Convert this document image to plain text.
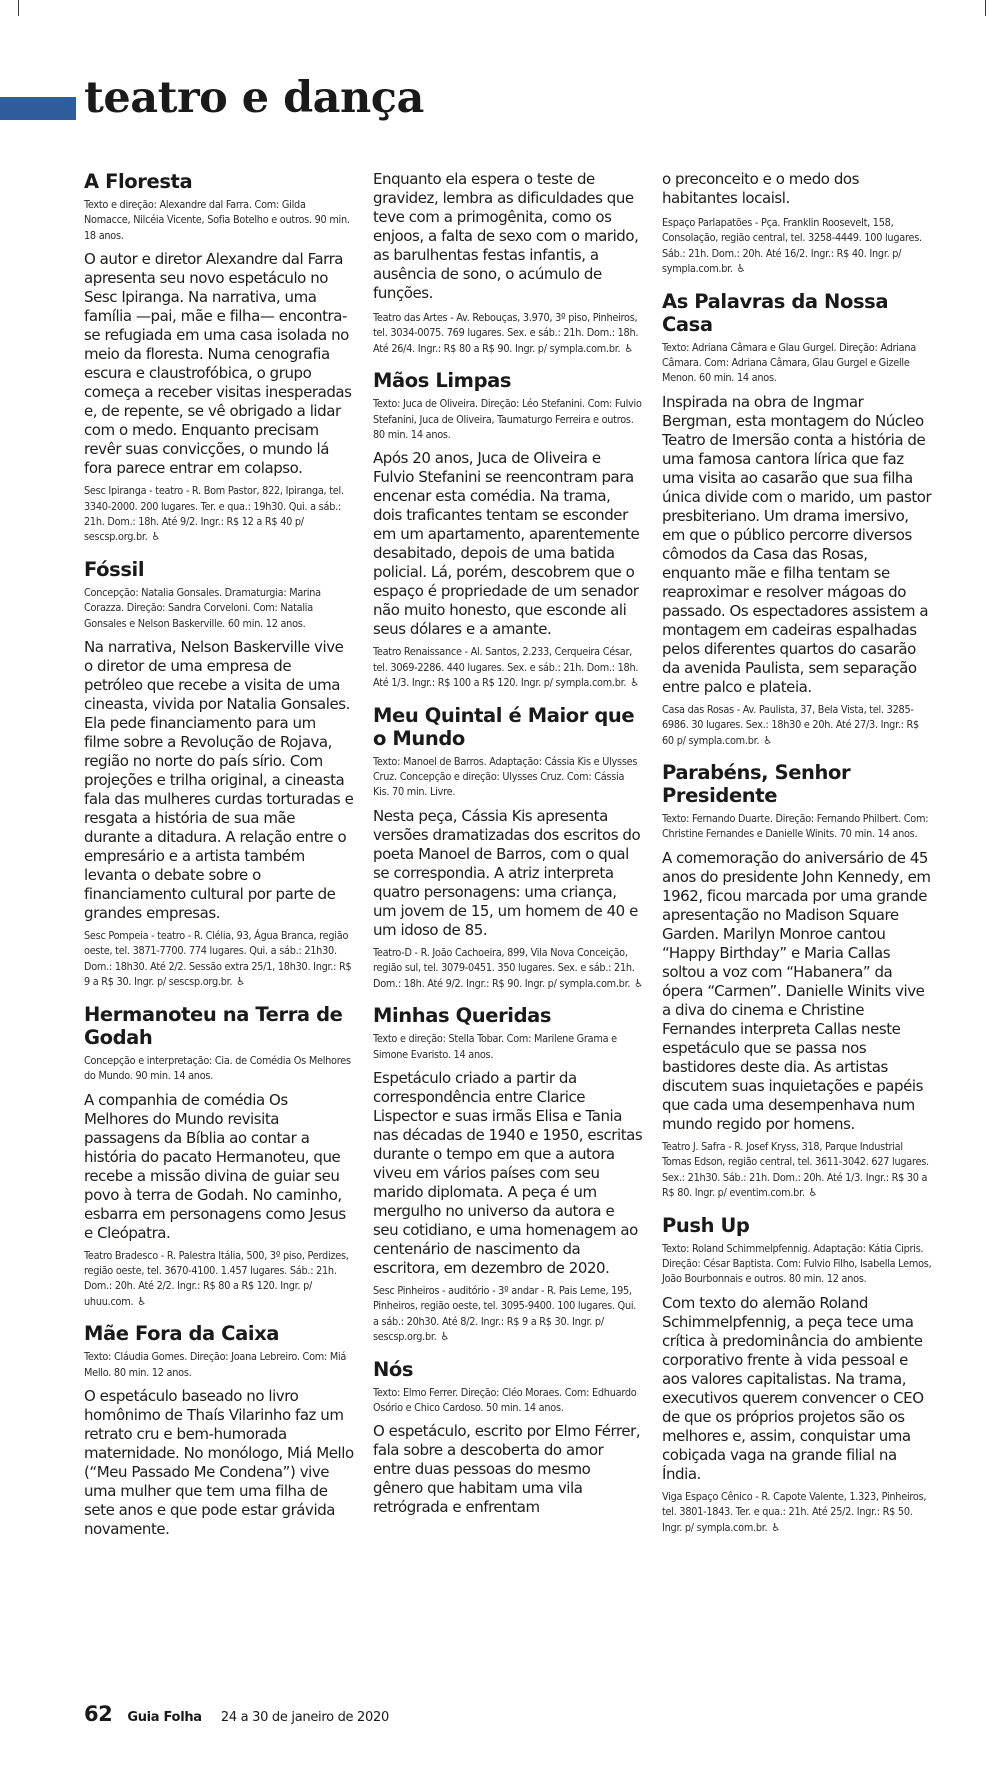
teatro e dança
A Floresta

Texto e direção: Alexandre dal Farra. Com: Gilda Nomacce, Nilcéia Vicente, Sofia Botelho e outros. 90 min. 18 anos.

O autor e diretor Alexandre dal Farra apresenta seu novo espetáculo no Sesc Ipiranga. Na narrativa, uma família —pai, mãe e filha— encontra-se refugiada em uma casa isolada no meio da floresta. Numa cenografia escura e claustrofóbica, o grupo começa a receber visitas inesperadas e, de repente, se vê obrigado a lidar com o medo. Enquanto precisam revêr suas convicções, o mundo lá fora parece entrar em colapso.

Sesc Ipiranga - teatro - R. Bom Pastor, 822, Ipiranga, tel. 3340-2000. 200 lugares. Ter. e qua.: 19h30. Qui. a sáb.: 21h. Dom.: 18h. Até 9/2. Ingr.: R$ 12 a R$ 40 p/ sescsp.org.br. ♿

Fóssil

Concepção: Natalia Gonsales. Dramaturgia: Marina Corazza. Direção: Sandra Corveloni. Com: Natalia Gonsales e Nelson Baskerville. 60 min. 12 anos.

Na narrativa, Nelson Baskerville vive o diretor de uma empresa de petróleo que recebe a visita de uma cineasta, vivida por Natalia Gonsales. Ela pede financiamento para um filme sobre a Revolução de Rojava, região no norte do país sírio. Com projeções e trilha original, a cineasta fala das mulheres curdas torturadas e resgata a história de sua mãe durante a ditadura. A relação entre o empresário e a artista também levanta o debate sobre o financiamento cultural por parte de grandes empresas.

Sesc Pompeia - teatro - R. Clélia, 93, Água Branca, região oeste, tel. 3871-7700. 774 lugares. Qui. a sáb.: 21h30. Dom.: 18h30. Até 2/2. Sessão extra 25/1, 18h30. Ingr.: R$ 9 a R$ 30. Ingr. p/ sescsp.org.br. ♿

Hermanoteu na Terra de Godah

Concepção e interpretação: Cia. de Comédia Os Melhores do Mundo. 90 min. 14 anos.

A companhia de comédia Os Melhores do Mundo revisita passagens da Bíblia ao contar a história do pacato Hermanoteu, que recebe a missão divina de guiar seu povo à terra de Godah. No caminho, esbarra em personagens como Jesus e Cleópatra.

Teatro Bradesco - R. Palestra Itália, 500, 3º piso, Perdizes, região oeste, tel. 3670-4100. 1.457 lugares. Sáb.: 21h. Dom.: 20h. Até 2/2. Ingr.: R$ 80 a R$ 120. Ingr. p/ uhuu.com. ♿

Mãe Fora da Caixa

Texto: Cláudia Gomes. Direção: Joana Lebreiro. Com: Miá Mello. 80 min. 12 anos.

O espetáculo baseado no livro homônimo de Thaís Vilarinho faz um retrato cru e bem-humorada maternidade. No monólogo, Miá Mello (“Meu Passado Me Condena”) vive uma mulher que tem uma filha de sete anos e que pode estar grávida novamente.

Enquanto ela espera o teste de gravidez, lembra as dificuldades que teve com a primogênita, como os enjoos, a falta de sexo com o marido, as barulhentas festas infantis, a ausência de sono, o acúmulo de funções.

Teatro das Artes - Av. Rebouças, 3.970, 3º piso, Pinheiros, tel. 3034-0075. 769 lugares. Sex. e sáb.: 21h. Dom.: 18h. Até 26/4. Ingr.: R$ 80 a R$ 90. Ingr. p/ sympla.com.br. ♿

Mãos Limpas

Texto: Juca de Oliveira. Direção: Léo Stefanini. Com: Fulvio Stefanini, Juca de Oliveira, Taumaturgo Ferreira e outros. 80 min. 14 anos.

Após 20 anos, Juca de Oliveira e Fulvio Stefanini se reencontram para encenar esta comédia. Na trama, dois traficantes tentam se esconder em um apartamento, aparentemente desabitado, depois de uma batida policial. Lá, porém, descobrem que o espaço é propriedade de um senador não muito honesto, que esconde ali seus dólares e a amante.

Teatro Renaissance - Al. Santos, 2.233, Cerqueira César, tel. 3069-2286. 440 lugares. Sex. e sáb.: 21h. Dom.: 18h. Até 1/3. Ingr.: R$ 100 a R$ 120. Ingr. p/ sympla.com.br. ♿

Meu Quintal é Maior que o Mundo

Texto: Manoel de Barros. Adaptação: Cássia Kis e Ulysses Cruz. Concepção e direção: Ulysses Cruz. Com: Cássia Kis. 70 min. Livre.

Nesta peça, Cássia Kis apresenta versões dramatizadas dos escritos do poeta Manoel de Barros, com o qual se correspondia. A atriz interpreta quatro personagens: uma criança, um jovem de 15, um homem de 40 e um idoso de 85.

Teatro-D - R. João Cachoeira, 899, Vila Nova Conceição, região sul, tel. 3079-0451. 350 lugares. Sex. e sáb.: 21h. Dom.: 18h. Até 9/2. Ingr.: R$ 90. Ingr. p/ sympla.com.br. ♿

Minhas Queridas

Texto e direção: Stella Tobar. Com: Marilene Grama e Simone Evaristo. 14 anos.

Espetáculo criado a partir da correspondência entre Clarice Lispector e suas irmãs Elisa e Tania nas décadas de 1940 e 1950, escritas durante o tempo em que a autora viveu em vários países com seu marido diplomata. A peça é um mergulho no universo da autora e seu cotidiano, e uma homenagem ao centenário de nascimento da escritora, em dezembro de 2020.

Sesc Pinheiros - auditório - 3º andar - R. Pais Leme, 195, Pinheiros, região oeste, tel. 3095-9400. 100 lugares. Qui. a sáb.: 20h30. Até 8/2. Ingr.: R$ 9 a R$ 30. Ingr. p/ sescsp.org.br. ♿

Nós

Texto: Elmo Ferrer. Direção: Cléo Moraes. Com: Edhuardo Osório e Chico Cardoso. 50 min. 14 anos.

O espetáculo, escrito por Elmo Férrer, fala sobre a descoberta do amor entre duas pessoas do mesmo gênero que habitam uma vila retrógrada e enfrentam

o preconceito e o medo dos habitantes locaisl.

Espaço Parlapatões - Pça. Franklin Roosevelt, 158, Consolação, região central, tel. 3258-4449. 100 lugares. Sáb.: 21h. Dom.: 20h. Até 16/2. Ingr.: R$ 40. Ingr. p/ sympla.com.br. ♿

As Palavras da Nossa Casa

Texto: Adriana Câmara e Glau Gurgel. Direção: Adriana Câmara. Com: Adriana Câmara, Glau Gurgel e Gizelle Menon. 60 min. 14 anos.

Inspirada na obra de Ingmar Bergman, esta montagem do Núcleo Teatro de Imersão conta a história de uma famosa cantora lírica que faz uma visita ao casarão que sua filha única divide com o marido, um pastor presbiteriano. Um drama imersivo, em que o público percorre diversos cômodos da Casa das Rosas, enquanto mãe e filha tentam se reaproximar e resolver mágoas do passado. Os espectadores assistem a montagem em cadeiras espalhadas pelos diferentes quartos do casarão da avenida Paulista, sem separação entre palco e plateia.

Casa das Rosas - Av. Paulista, 37, Bela Vista, tel. 3285-6986. 30 lugares. Sex.: 18h30 e 20h. Até 27/3. Ingr.: R$ 60 p/ sympla.com.br. ♿

Parabéns, Senhor Presidente

Texto: Fernando Duarte. Direção: Fernando Philbert. Com: Christine Fernandes e Danielle Winits. 70 min. 14 anos.

A comemoração do aniversário de 45 anos do presidente John Kennedy, em 1962, ficou marcada por uma grande apresentação no Madison Square Garden. Marilyn Monroe cantou “Happy Birthday” e Maria Callas soltou a voz com “Habanera” da ópera “Carmen”. Danielle Winits vive a diva do cinema e Christine Fernandes interpreta Callas neste espetáculo que se passa nos bastidores deste dia. As artistas discutem suas inquietações e papéis que cada uma desempenhava num mundo regido por homens.

Teatro J. Safra - R. Josef Kryss, 318, Parque Industrial Tomas Edson, região central, tel. 3611-3042. 627 lugares. Sex.: 21h30. Sáb.: 21h. Dom.: 20h. Até 1/3. Ingr.: R$ 30 a R$ 80. Ingr. p/ eventim.com.br. ♿

Push Up

Texto: Roland Schimmelpfennig. Adaptação: Kátia Cipris. Direção: César Baptista. Com: Fulvio Filho, Isabella Lemos, João Bourbonnais e outros. 80 min. 12 anos.

Com texto do alemão Roland Schimmelpfennig, a peça tece uma crítica à predominância do ambiente corporativo frente à vida pessoal e aos valores capitalistas. Na trama, executivos querem convencer o CEO de que os próprios projetos são os melhores e, assim, conquistar uma cobiçada vaga na grande filial na Índia.

Viga Espaço Cênico - R. Capote Valente, 1.323, Pinheiros, tel. 3801-1843. Ter. e qua.: 21h. Até 25/2. Ingr.: R$ 50. Ingr. p/ sympla.com.br. ♿

62 Guia Folha 24 a 30 de janeiro de 2020
